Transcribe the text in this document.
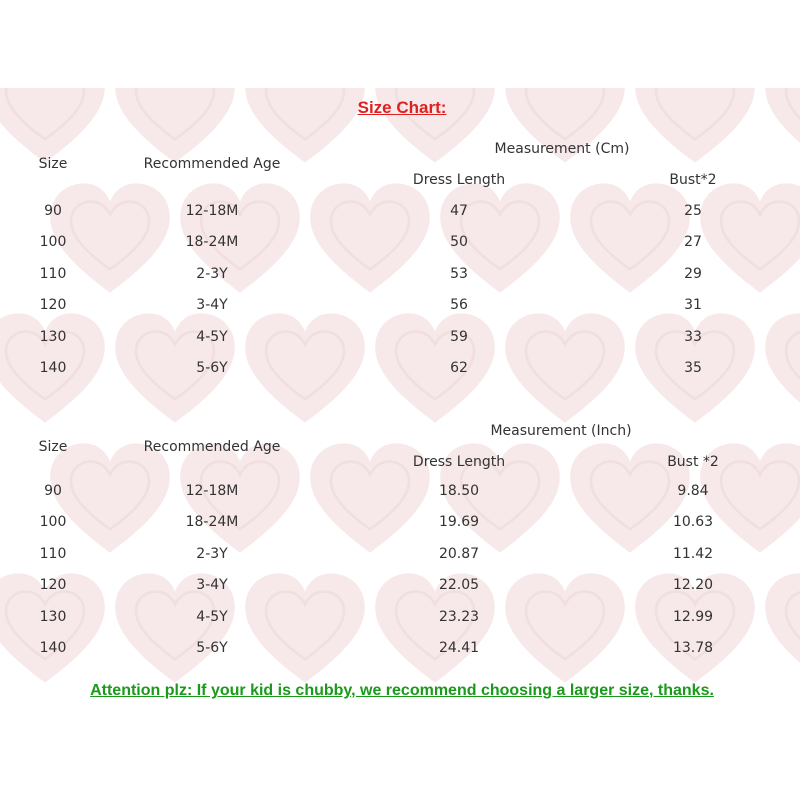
Size Chart:
Size	Recommended Age
Measurement (Cm)
Dress Length	Bust*2
90	12-18M	47	25
100	18-24M	50	27
110	2-3Y	53	29
120	3-4Y	56	31
130	4-5Y	59	33
140	5-6Y	62	35
Size	Recommended Age
Measurement (Inch)
Dress Length	Bust *2
90	12-18M	18.50	9.84
100	18-24M	19.69	10.63
110	2-3Y	20.87	11.42
120	3-4Y	22.05	12.20
130	4-5Y	23.23	12.99
140	5-6Y	24.41	13.78
Attention plz: If your kid is chubby, we recommend choosing a larger size, thanks.
